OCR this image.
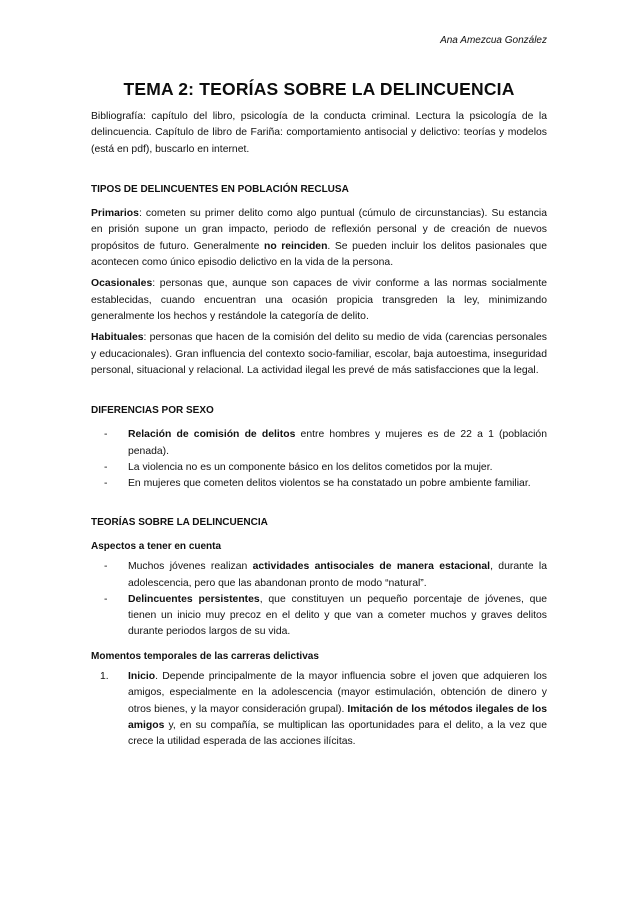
Ana Amezcua González
TEMA 2: TEORÍAS SOBRE LA DELINCUENCIA

Bibliografía: capítulo del libro, psicología de la conducta criminal. Lectura la psicología de la delincuencia. Capítulo de libro de Fariña: comportamiento antisocial y delictivo: teorías y modelos (está en pdf), buscarlo en internet.

TIPOS DE DELINCUENTES EN POBLACIÓN RECLUSA

Primarios: cometen su primer delito como algo puntual (cúmulo de circunstancias). Su estancia en prisión supone un gran impacto, periodo de reflexión personal y de creación de nuevos propósitos de futuro. Generalmente no reinciden. Se pueden incluir los delitos pasionales que acontecen como único episodio delictivo en la vida de la persona.

Ocasionales: personas que, aunque son capaces de vivir conforme a las normas socialmente establecidas, cuando encuentran una ocasión propicia transgreden la ley, minimizando generalmente los hechos y restándole la categoría de delito.

Habituales: personas que hacen de la comisión del delito su medio de vida (carencias personales y educacionales). Gran influencia del contexto socio-familiar, escolar, baja autoestima, inseguridad personal, situacional y relacional. La actividad ilegal les prevé de más satisfacciones que la legal.

DIFERENCIAS POR SEXO
- Relación de comisión de delitos entre hombres y mujeres es de 22 a 1 (población penada).
- La violencia no es un componente básico en los delitos cometidos por la mujer.
- En mujeres que cometen delitos violentos se ha constatado un pobre ambiente familiar.
TEORÍAS SOBRE LA DELINCUENCIA
Aspectos a tener en cuenta
- Muchos jóvenes realizan actividades antisociales de manera estacional, durante la adolescencia, pero que las abandonan pronto de modo “natural”.
- Delincuentes persistentes, que constituyen un pequeño porcentaje de jóvenes, que tienen un inicio muy precoz en el delito y que van a cometer muchos y graves delitos durante periodos largos de su vida.
Momentos temporales de las carreras delictivas
1. Inicio. Depende principalmente de la mayor influencia sobre el joven que adquieren los amigos, especialmente en la adolescencia (mayor estimulación, obtención de dinero y otros bienes, y la mayor consideración grupal). Imitación de los métodos ilegales de los amigos y, en su compañía, se multiplican las oportunidades para el delito, a la vez que crece la utilidad esperada de las acciones ilícitas.
